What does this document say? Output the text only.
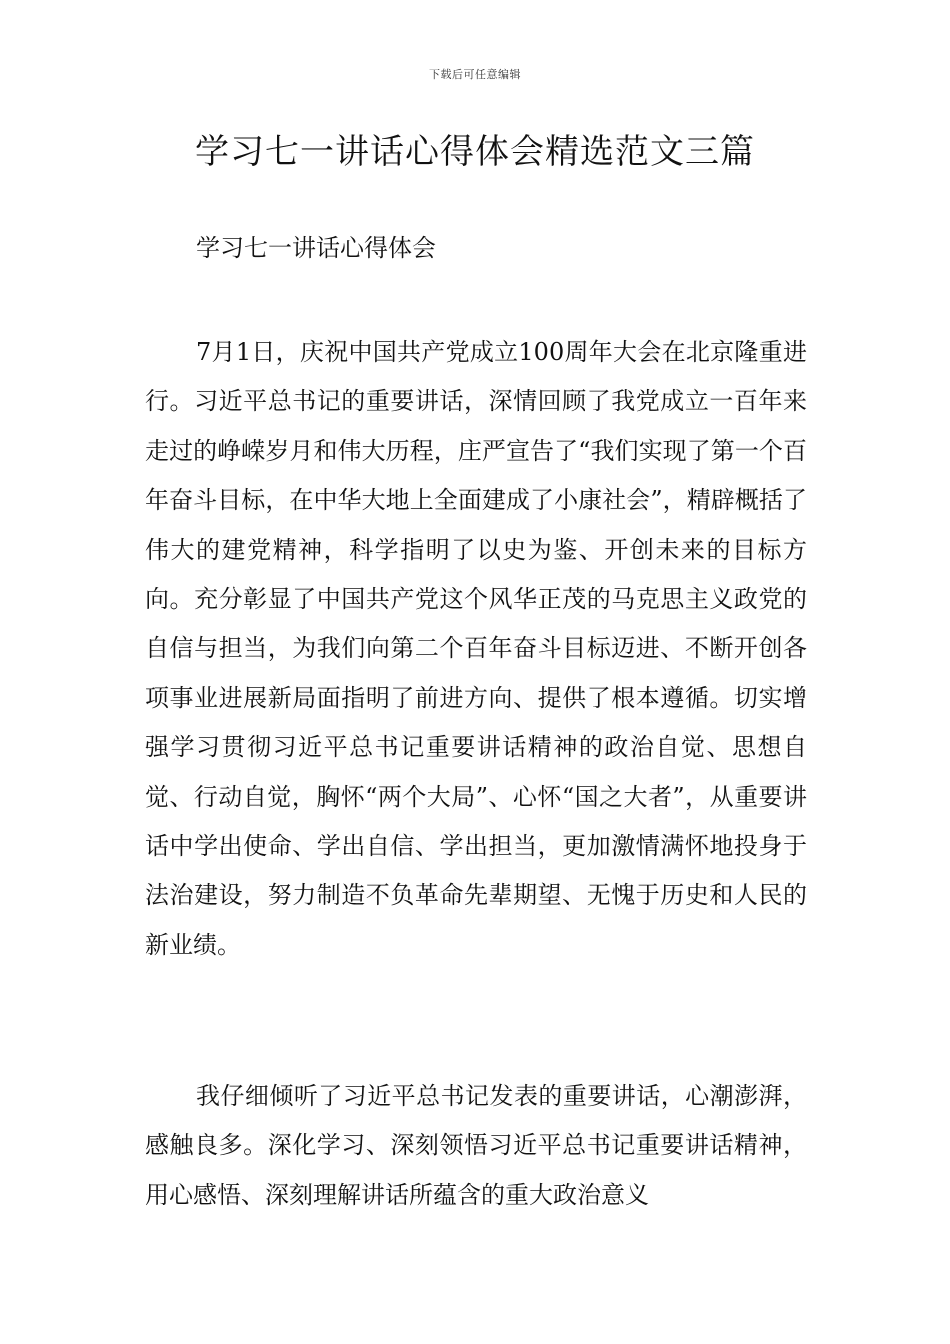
下载后可任意编辑
学习七一讲话心得体会精选范文三篇
学习七一讲话心得体会

7月1日，庆祝中国共产党成立100周年大会在北京隆重进行。习近平总书记的重要讲话，深情回顾了我党成立一百年来走过的峥嵘岁月和伟大历程，庄严宣告了“我们实现了第一个百年奋斗目标，在中华大地上全面建成了小康社会”，精辟概括了伟大的建党精神，科学指明了以史为鉴、开创未来的目标方向。充分彰显了中国共产党这个风华正茂的马克思主义政党的自信与担当，为我们向第二个百年奋斗目标迈进、不断开创各项事业进展新局面指明了前进方向、提供了根本遵循。切实增强学习贯彻习近平总书记重要讲话精神的政治自觉、思想自觉、行动自觉，胸怀“两个大局”、心怀“国之大者”，从重要讲话中学出使命、学出自信、学出担当，更加激情满怀地投身于法治建设，努力制造不负革命先辈期望、无愧于历史和人民的新业绩。

我仔细倾听了习近平总书记发表的重要讲话，心潮澎湃，感触良多。深化学习、深刻领悟习近平总书记重要讲话精神，用心感悟、深刻理解讲话所蕴含的重大政治意义
